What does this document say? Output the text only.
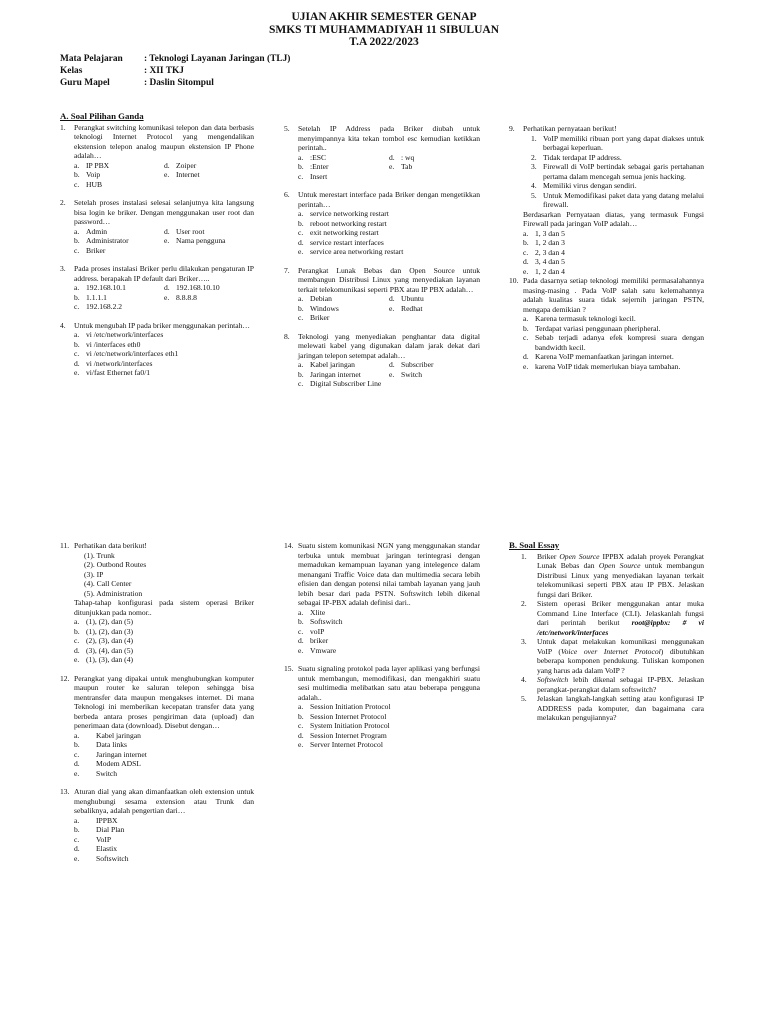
UJIAN AKHIR SEMESTER GENAP
SMKS TI MUHAMMADIYAH 11 SIBULUAN
T.A 2022/2023
Mata Pelajaran : Teknologi Layanan Jaringan (TLJ)
Kelas	: XII TKJ
Guru Mapel	: Daslin Sitompul
A. Soal Pilihan Ganda
1.	Perangkat switching komunikasi telepon dan data berbasis teknologi Internet Protocol yang mengendalikan ekstension telepon analog maupun ekstension IP Phone adalah…
a. IP PBX	d. Zoiper
b. Voip	e. Internet
c. HUB
2.	Setelah proses instalasi selesai selanjutnya kita langsung bisa login ke briker. Dengan menggunakan user root dan password…
a. Admin	d. User root
b. Administrator	e. Nama pengguna
c. Briker
3.	Pada proses instalasi Briker perlu dilakukan pengaturan IP address. berapakah IP default dari Briker…..
a. 192.168.10.1	d. 192.168.10.10
b. 1.1.1.1	e. 8.8.8.8
c. 192.168.2.2
4.	Untuk mengubah IP pada briker menggunakan perintah…
a. vi /etc/network/interfaces
b. vi /interfaces eth0
c. vi /etc/network/interfaces eth1
d. vi /network/interfaces
e. vi/fast Ethernet fa0/1
5.	Setelah IP Address pada Briker diubah untuk menyimpannya kita tekan tombol esc kemudian ketikkan perintah..
a. :ESC	d. : wq
b. :Enter	e. Tab
c. Insert
6.	Untuk merestart interface pada Briker dengan mengetikkan perintah…
a. service networking restart
b. reboot networking restart
c. exit networking restart
d. service restart interfaces
e. service area networking restart
7.	Perangkat Lunak Bebas dan Open Source untuk membangun Distribusi Linux yang menyediakan layanan terkait telekomunikasi seperti PBX atau IP PBX adalah…
a. Debian	d. Ubuntu
b. Windows	e. Redhat
c. Briker
8.	Teknologi yang menyediakan penghantar data digital melewati kabel yang digunakan dalam jarak dekat dari jaringan telepon setempat adalah…
a. Kabel jaringan	d. Subscriber
b. Jaringan internet	e. Switch
c. Digital Subscriber Line
9.	Perhatikan pernyataan berikut!
1. VoIP memiliki ribuan port yang dapat diakses untuk berbagai keperluan.
2. Tidak terdapat IP address.
3. Firewall di VoIP bertindak sebagai garis pertahanan pertama dalam mencegah semua jenis hacking.
4. Memiliki virus dengan sendiri.
5. Untuk Memodifikasi paket data yang datang melalui firewall.
Berdasarkan Pernyataan diatas, yang termasuk Fungsi Firewall pada jaringan VoIP adalah…
a. 1, 3 dan 5
b. 1, 2 dan 3
c. 2, 3 dan 4
d. 3, 4 dan 5
e. 1, 2 dan 4
10. Pada dasarnya setiap teknologi memiliki permasalahannya masing-masing . Pada VoIP salah satu kelemahannya adalah kualitas suara tidak sejernih jaringan PSTN, mengapa demikian ?
a. Karena termasuk teknologi kecil.
b. Terdapat variasi penggunaan pheripheral.
c. Sebab terjadi adanya efek kompresi suara dengan bandwidth kecil.
d. Karena VoIP memanfaatkan jaringan internet.
e. karena VoIP tidak memerlukan biaya tambahan.
11. Perhatikan data berikut!
(1). Trunk
(2). Outbond Routes
(3). IP
(4). Call Center
(5). Administration
Tahap-tahap konfigurasi pada sistem operasi Briker ditunjukkan pada nomor..
a. (1), (2), dan (5)
b. (1), (2), dan (3)
c. (2), (3), dan (4)
d. (3), (4), dan (5)
e. (1), (3), dan (4)
12. Perangkat yang dipakai untuk menghubungkan komputer maupun router ke saluran telepon sehingga bisa mentransfer data maupun mengakses internet. Di mana Teknologi ini memberikan kecepatan transfer data yang berbeda antara proses pengiriman data (upload) dan penerimaan data (download). Disebut dengan…
a.	Kabel jaringan
b.	Data links
c.	Jaringan internet
d.	Modem ADSL
e.	Switch
13. Aturan dial yang akan dimanfaatkan oleh extension untuk menghubungi sesama extension atau Trunk dan sebaliknya, adalah pengertian dari…
a.	IPPBX
b.	Dial Plan
c.	VoIP
d.	Elastix
e.	Softswitch
14. Suatu sistem komunikasi NGN yang menggunakan standar terbuka untuk membuat jaringan terintegrasi dengan memadukan kemampuan layanan yang intelegence dalam menangani Traffic Voice data dan multimedia secara lebih efisien dan dengan potensi nilai tambah layanan yang jauh lebih besar dari pada PSTN. Softswitch lebih dikenal sebagai IP-PBX adalah definisi dari..
a. Xlite
b. Softswitch
c. voIP
d. briker
e. Vmware
15. Suatu signaling protokol pada layer aplikasi yang berfungsi untuk membangun, memodifikasi, dan mengakhiri suatu sesi multimedia melibatkan satu atau beberapa pengguna adalah..
a. Session Initiation Protocol
b. Session Internet Protocol
c. System Initiation Protocol
d. Session Internet Program
e. Server Internet Protocol
B. Soal Essay
1.	Briker Open Source IPPBX adalah proyek Perangkat Lunak Bebas dan Open Source untuk membangun Distribusi Linux yang menyediakan layanan terkait telekomunikasi seperti PBX atau IP PBX. Jelaskan fungsi dari Briker.
2.	Sistem operasi Briker menggunakan antar muka Command Line Interface (CLI). Jelaskanlah fungsi dari perintah berikut root@ippbx: # vi /etc/network/interfaces
3.	Untuk dapat melakukan komunikasi menggunakan VoIP (Voice over Internet Protocol) dibutuhkan beberapa komponen pendukung. Tuliskan komponen yang harus ada dalam VoIP ?
4.	Softswitch lebih dikenal sebagai IP-PBX. Jelaskan perangkat-perangkat dalam softswitch?
5.	Jelaskan langkah-langkah setting atau konfigurasi IP ADDRESS pada komputer, dan bagaimana cara melakukan pengujiannya?
